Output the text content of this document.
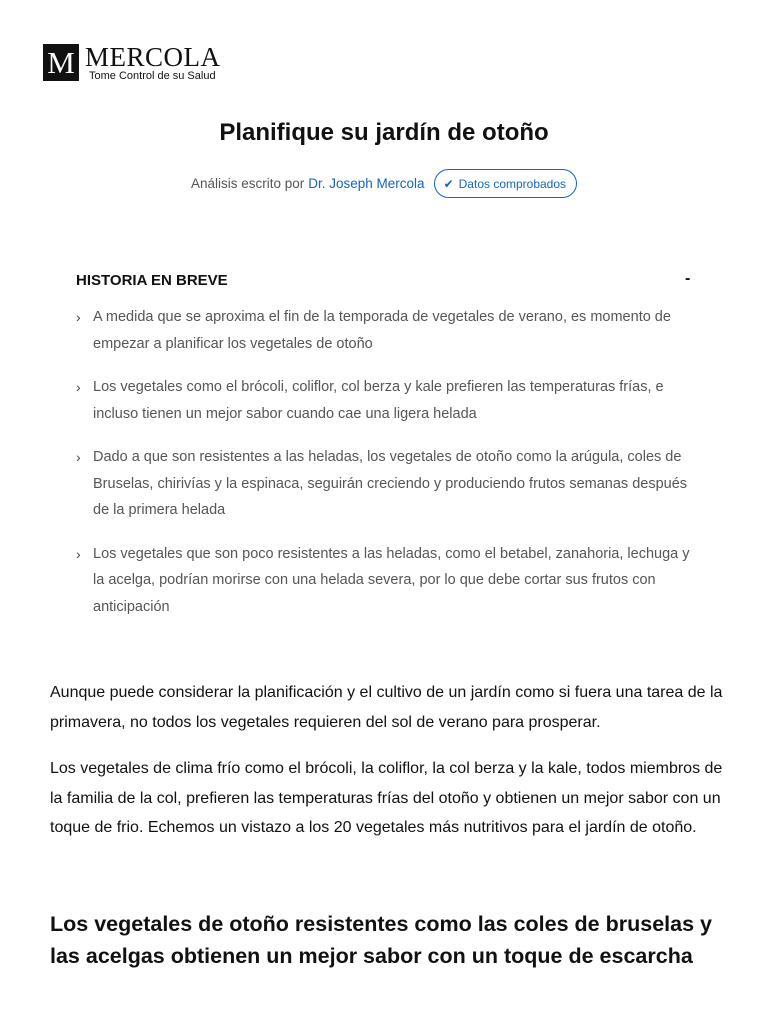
M MERCOLA
Tome Control de su Salud
Planifique su jardín de otoño
Análisis escrito por Dr. Joseph Mercola ✔ Datos comprobados
HISTORIA EN BREVE	-
› A medida que se aproxima el fin de la temporada de vegetales de verano, es momento de empezar a planificar los vegetales de otoño
› Los vegetales como el brócoli, coliflor, col berza y kale prefieren las temperaturas frías, e incluso tienen un mejor sabor cuando cae una ligera helada
› Dado a que son resistentes a las heladas, los vegetales de otoño como la arúgula, coles de Bruselas, chirivías y la espinaca, seguirán creciendo y produciendo frutos semanas después de la primera helada
› Los vegetales que son poco resistentes a las heladas, como el betabel, zanahoria, lechuga y la acelga, podrían morirse con una helada severa, por lo que debe cortar sus frutos con anticipación

Aunque puede considerar la planificación y el cultivo de un jardín como si fuera una tarea de la primavera, no todos los vegetales requieren del sol de verano para prosperar.

Los vegetales de clima frío como el brócoli, la coliflor, la col berza y la kale, todos miembros de la familia de la col, prefieren las temperaturas frías del otoño y obtienen un mejor sabor con un toque de frio. Echemos un vistazo a los 20 vegetales más nutritivos para el jardín de otoño.

Los vegetales de otoño resistentes como las coles de bruselas y las acelgas obtienen un mejor sabor con un toque de escarcha
